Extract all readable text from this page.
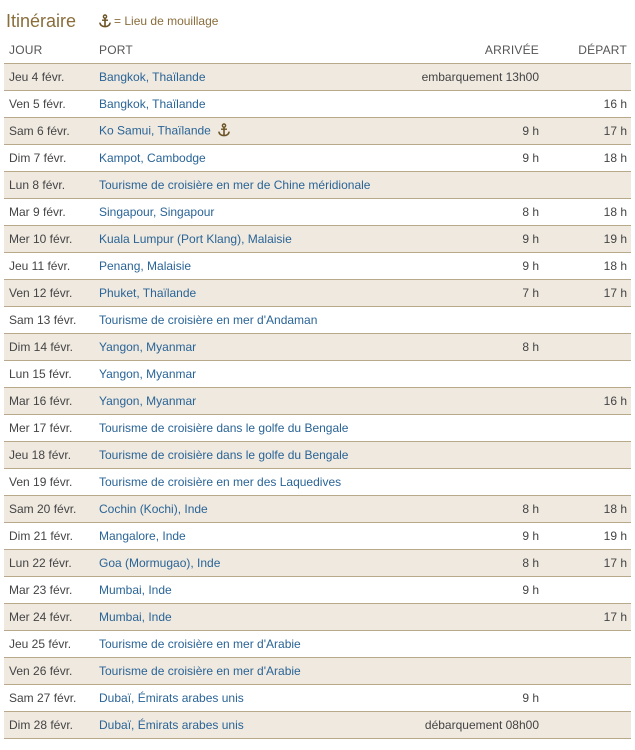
Itinéraire	= Lieu de mouillage
JOUR	PORT	ARRIVÉE	DÉPART
Jeu 4 févr.	Bangkok, Thaïlande	embarquement 13h00	
Ven 5 févr.	Bangkok, Thaïlande		16 h
Sam 6 févr.	Ko Samui, Thaïlande	9 h	17 h
Dim 7 févr.	Kampot, Cambodge	9 h	18 h
Lun 8 févr.	Tourisme de croisière en mer de Chine méridionale		
Mar 9 févr.	Singapour, Singapour	8 h	18 h
Mer 10 févr.	Kuala Lumpur (Port Klang), Malaisie	9 h	19 h
Jeu 11 févr.	Penang, Malaisie	9 h	18 h
Ven 12 févr.	Phuket, Thaïlande	7 h	17 h
Sam 13 févr.	Tourisme de croisière en mer d'Andaman		
Dim 14 févr.	Yangon, Myanmar	8 h	
Lun 15 févr.	Yangon, Myanmar		
Mar 16 févr.	Yangon, Myanmar		16 h
Mer 17 févr.	Tourisme de croisière dans le golfe du Bengale		
Jeu 18 févr.	Tourisme de croisière dans le golfe du Bengale		
Ven 19 févr.	Tourisme de croisière en mer des Laquedives		
Sam 20 févr.	Cochin (Kochi), Inde	8 h	18 h
Dim 21 févr.	Mangalore, Inde	9 h	19 h
Lun 22 févr.	Goa (Mormugao), Inde	8 h	17 h
Mar 23 févr.	Mumbai, Inde	9 h	
Mer 24 févr.	Mumbai, Inde		17 h
Jeu 25 févr.	Tourisme de croisière en mer d'Arabie		
Ven 26 févr.	Tourisme de croisière en mer d'Arabie		
Sam 27 févr.	Dubaï, Émirats arabes unis	9 h	
Dim 28 févr.	Dubaï, Émirats arabes unis	débarquement 08h00	
